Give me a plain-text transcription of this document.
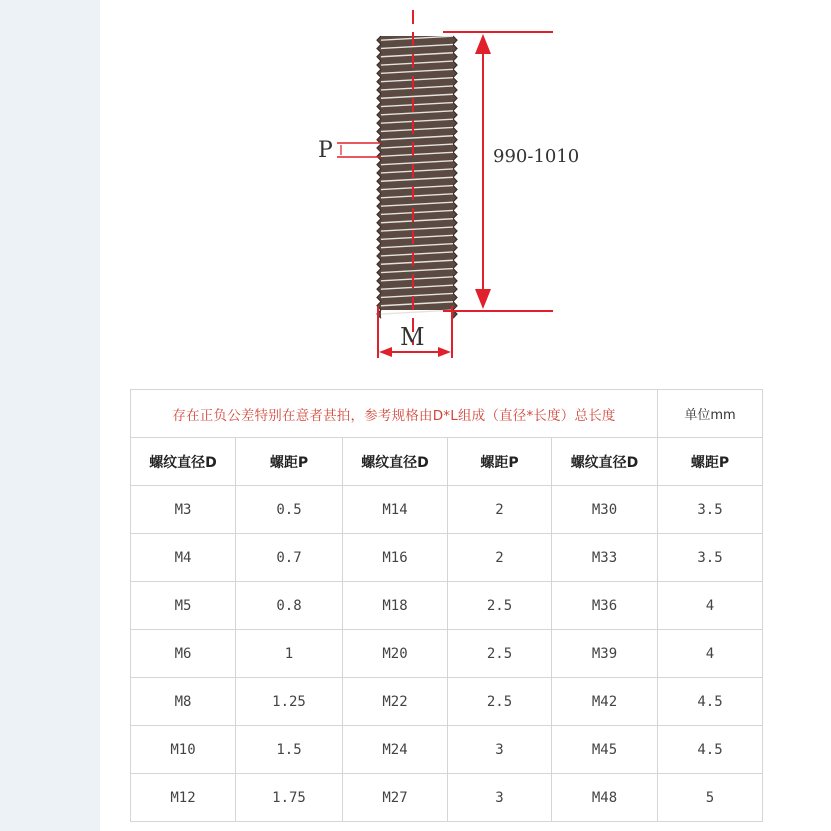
P	990-1010
M
存在正负公差特别在意者甚拍，参考规格由D*L组成（直径*长度）总长度					单位mm
螺纹直径D	螺距P	螺纹直径D	螺距P	螺纹直径D	螺距P
M3	0.5	M14	2	M30	3.5
M4	0.7	M16	2	M33	3.5
M5	0.8	M18	2.5	M36	4
M6	1	M20	2.5	M39	4
M8	1.25	M22	2.5	M42	4.5
M10	1.5	M24	3	M45	4.5
M12	1.75	M27	3	M48	5
